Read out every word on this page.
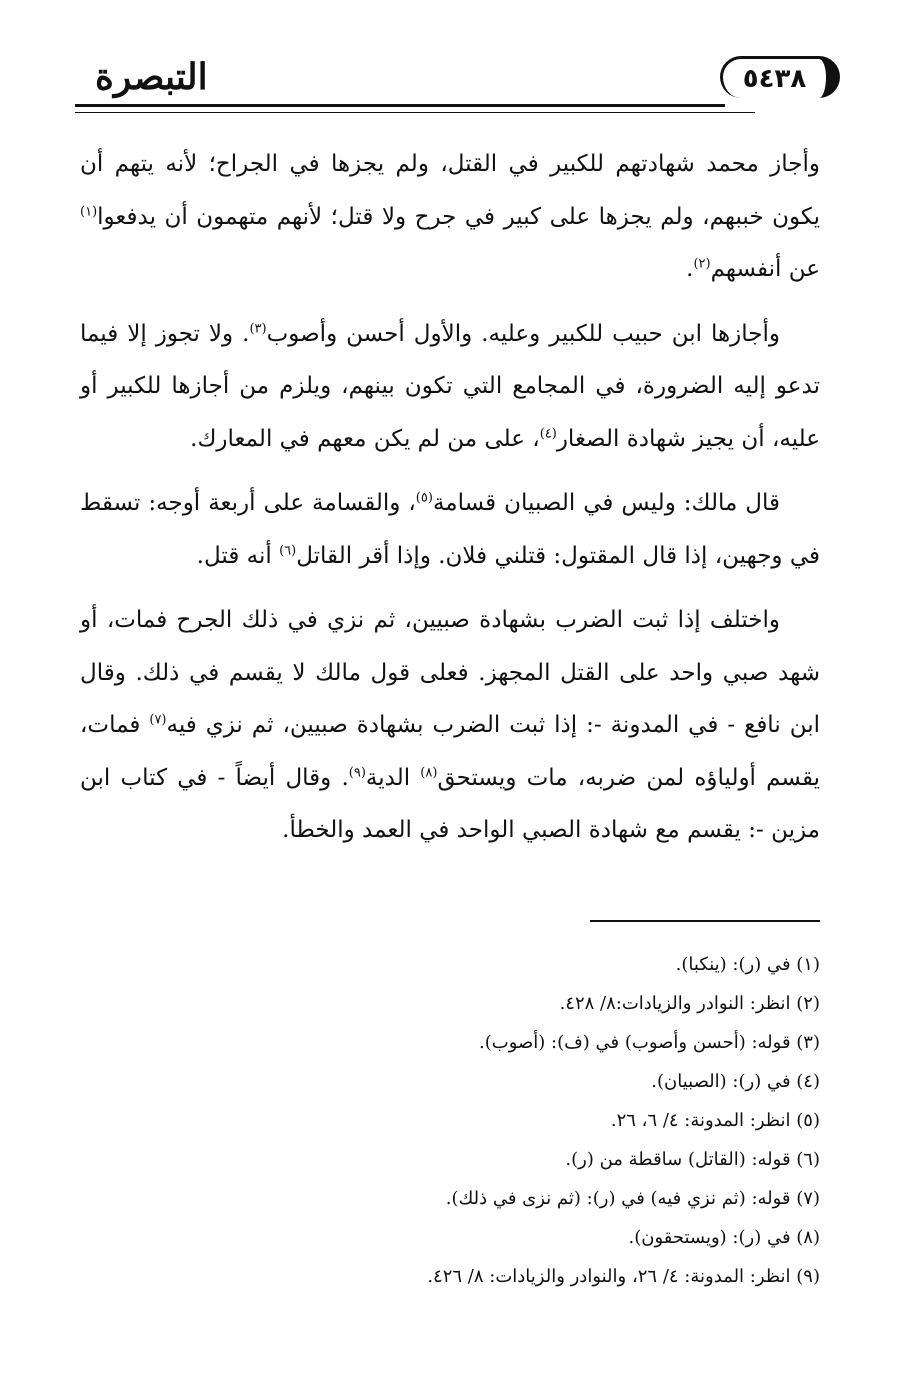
٥٤٣٨
التبصرة

وأجاز محمد شهادتهم للكبير في القتل، ولم يجزها في الجراح؛ لأنه يتهم أن يكون خببهم، ولم يجزها على كبير في جرح ولا قتل؛ لأنهم متهمون أن يدفعوا$^{(١)}$ عن أنفسهم$^{(٢)}$.

وأجازها ابن حبيب للكبير وعليه. والأول أحسن وأصوب$^{(٣)}$. ولا تجوز إلا فيما تدعو إليه الضرورة، في المجامع التي تكون بينهم، ويلزم من أجازها للكبير أو عليه، أن يجيز شهادة الصغار$^{(٤)}$، على من لم يكن معهم في المعارك.

قال مالك: وليس في الصبيان قسامة$^{(٥)}$، والقسامة على أربعة أوجه: تسقط في وجهين، إذا قال المقتول: قتلني فلان. وإذا أقر القاتل$^{(٦)}$ أنه قتل.

واختلف إذا ثبت الضرب بشهادة صبيين، ثم نزي في ذلك الجرح فمات، أو شهد صبي واحد على القتل المجهز. فعلى قول مالك لا يقسم في ذلك. وقال ابن نافع - في المدونة -: إذا ثبت الضرب بشهادة صبيين، ثم نزي فيه$^{(٧)}$ فمات، يقسم أولياؤه لمن ضربه، مات ويستحق$^{(٨)}$ الدية$^{(٩)}$. وقال أيضاً - في كتاب ابن مزين -: يقسم مع شهادة الصبي الواحد في العمد والخطأ.

(١) في (ر): (ينكبا).
(٢) انظر: النوادر والزيادات:٨/ ٤٢٨.
(٣) قوله: (أحسن وأصوب) في (ف): (أصوب).
(٤) في (ر): (الصبيان).
(٥) انظر: المدونة: ٤/ ٦، ٢٦.
(٦) قوله: (القاتل) ساقطة من (ر).
(٧) قوله: (ثم نزي فيه) في (ر): (ثم نزى في ذلك).
(٨) في (ر): (ويستحقون).
(٩) انظر: المدونة: ٤/ ٢٦، والنوادر والزيادات: ٨/ ٤٢٦.
